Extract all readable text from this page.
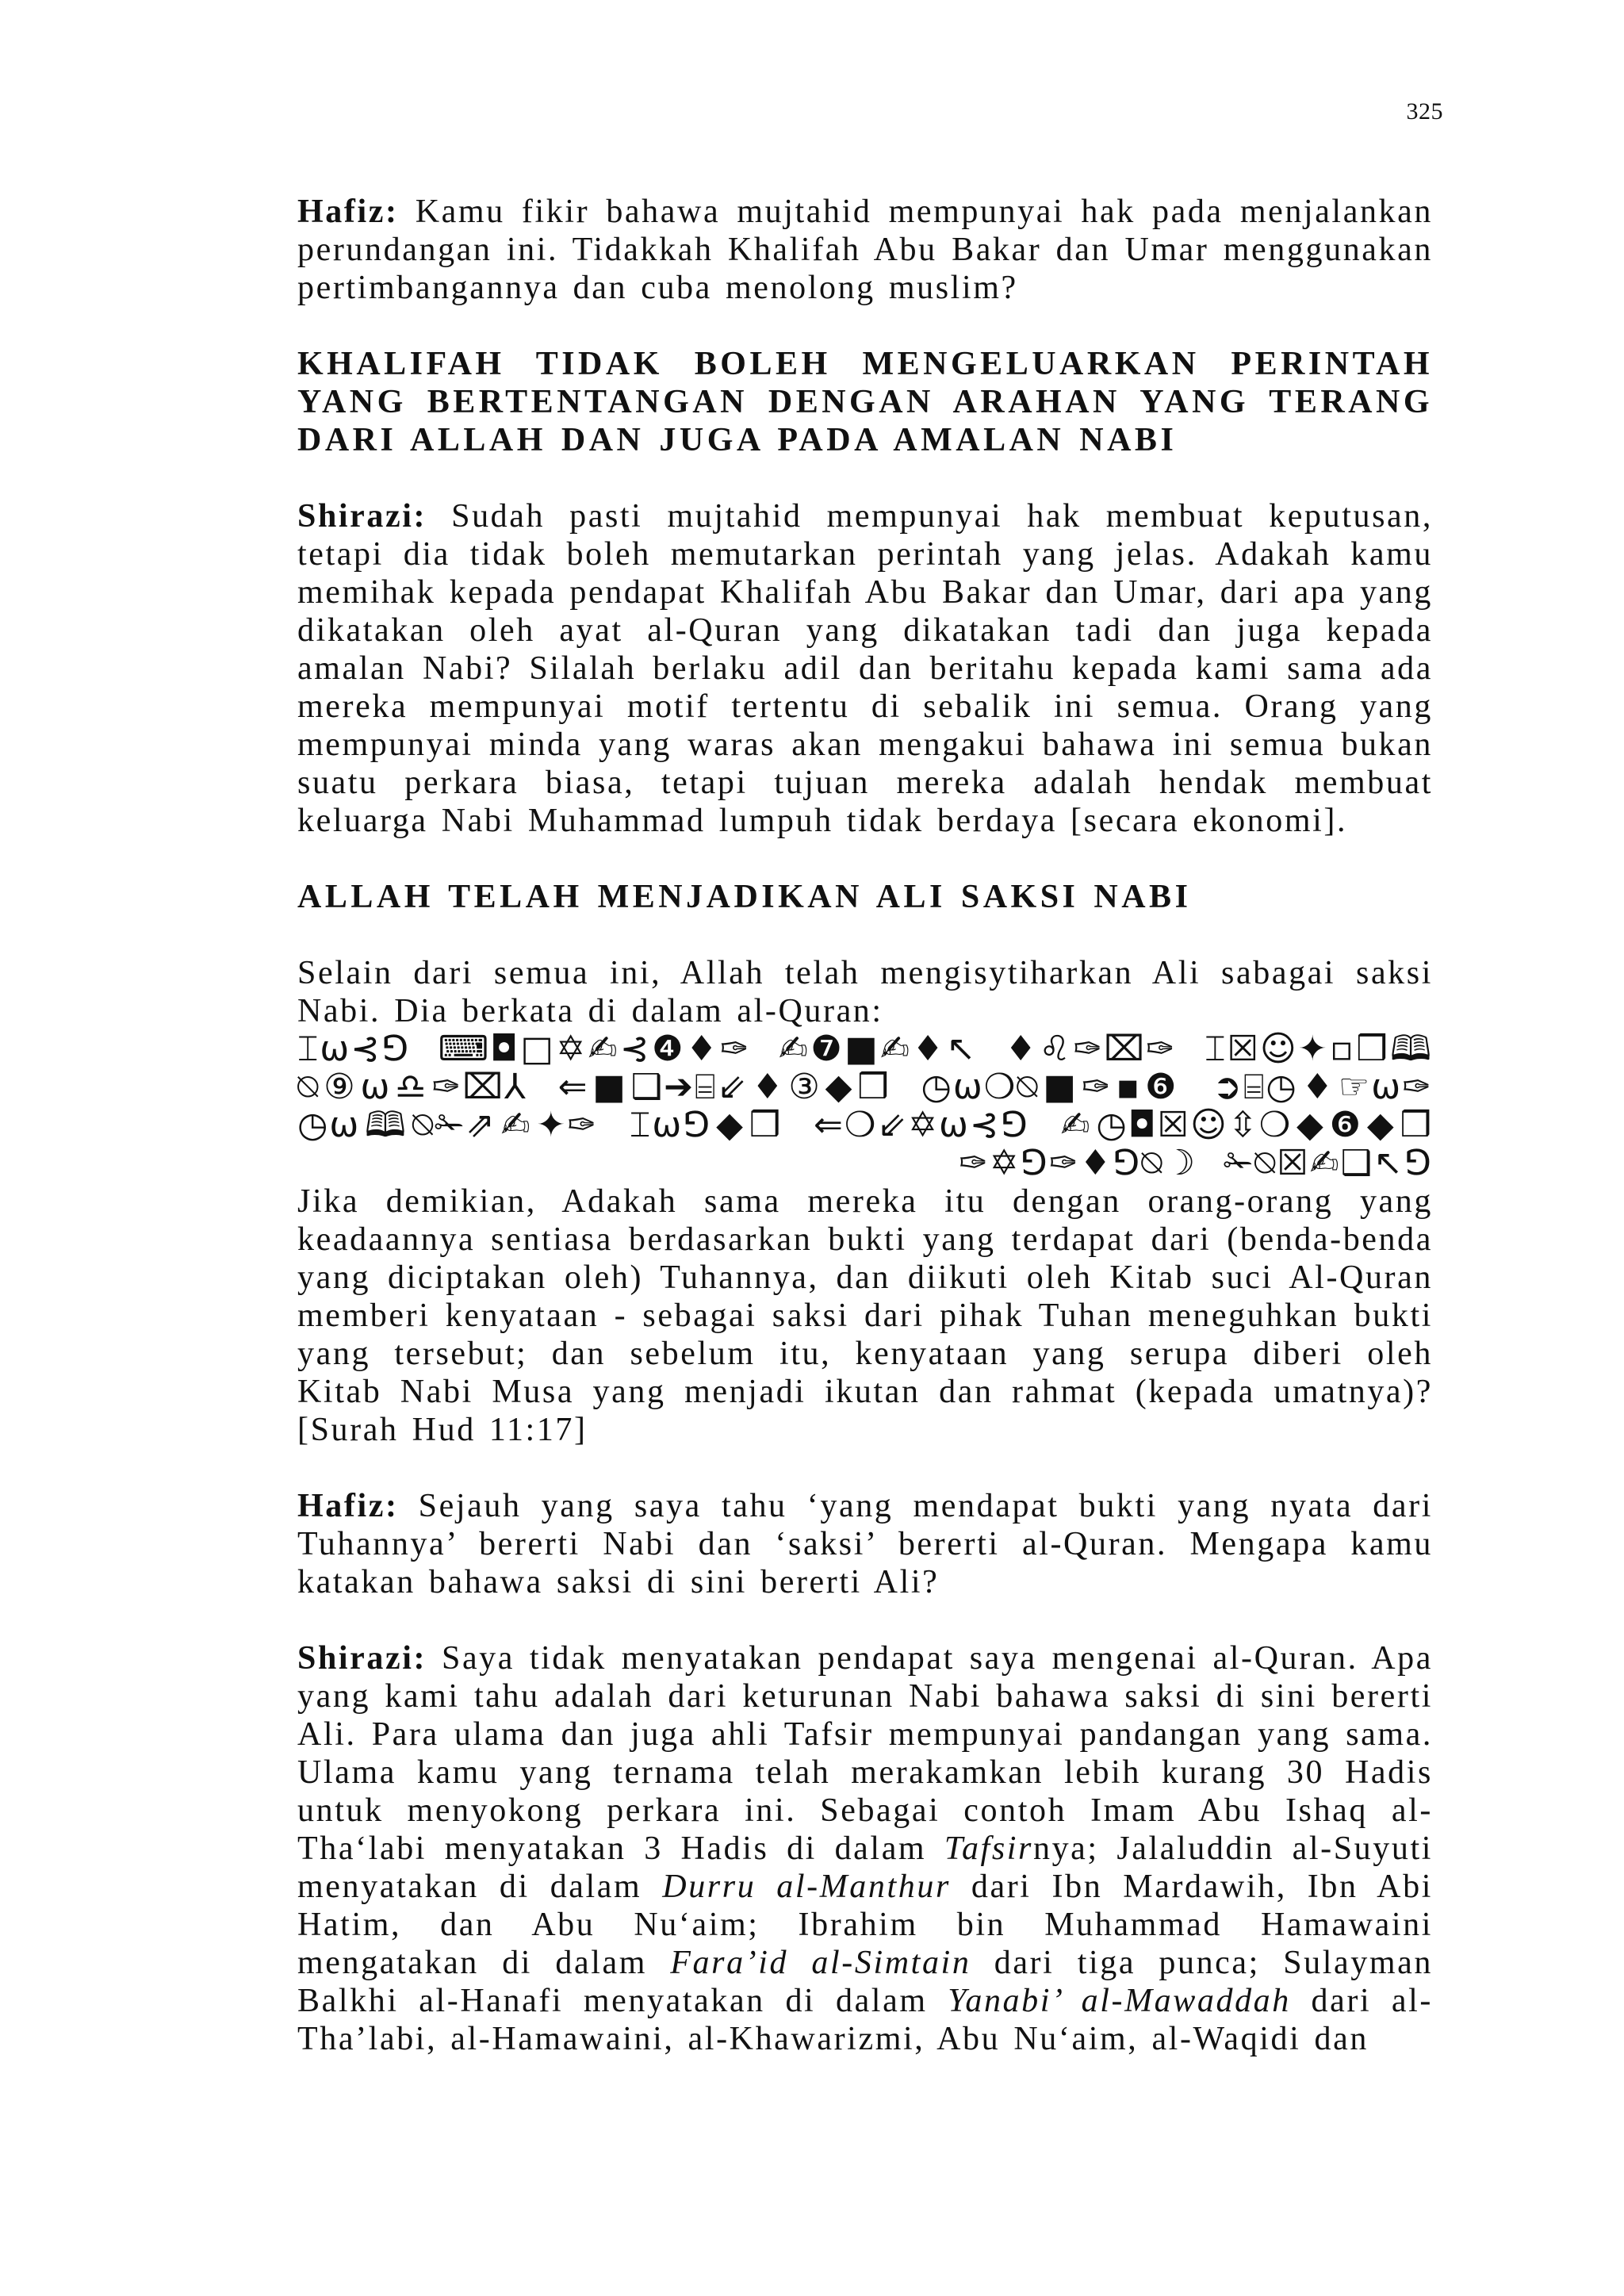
325

Hafiz: Kamu fikir bahawa mujtahid mempunyai hak pada menjalankan perundangan ini. Tidakkah Khalifah Abu Bakar dan Umar menggunakan pertimbangannya dan cuba menolong muslim?

KHALIFAH TIDAK BOLEH MENGELUARKAN PERINTAH YANG BERTENTANGAN DENGAN ARAHAN YANG TERANG DARI ALLAH DAN JUGA PADA AMALAN NABI

Shirazi: Sudah pasti mujtahid mempunyai hak membuat keputusan, tetapi dia tidak boleh memutarkan perintah yang jelas. Adakah kamu memihak kepada pendapat Khalifah Abu Bakar dan Umar, dari apa yang dikatakan oleh ayat al-Quran yang dikatakan tadi dan juga kepada amalan Nabi? Silalah berlaku adil dan beritahu kepada kami sama ada mereka mempunyai motif tertentu di sebalik ini semua. Orang yang mempunyai minda yang waras akan mengakui bahawa ini semua bukan suatu perkara biasa, tetapi tujuan mereka adalah hendak membuat keluarga Nabi Muhammad lumpuh tidak berdaya [secara ekonomi].

ALLAH TELAH MENJADIKAN ALI SAKSI NABI

Selain dari semua ini, Allah telah mengisytiharkan Ali sabagai saksi Nabi. Dia berkata di dalam al-Quran:

⌶⍵⊰⅁ ⌨◘□✡✍⊰❹♦✑ ✍❼■✍♦↖ ♦♌✑⌧✑ ⌶☒☺✦▫❒🕮 ⍉⑨⍵♎✑⌧⅄ ⇐■❑➔⌸⇙♦③◆❒ ◷⍵❍⍉■✑▪❻ ➲⌸◷♦☞⍵✑ ◷⍵🕮⍉✁⇗✍✦✑ ⌶⍵⅁◆❒ ⇐❍⇙✡⍵⊰⅁ ✍◷◘☒☺⇳❍◆❻◆❒ ✑✡⅁✑♦⅁⍉☽ ✁⍉☒✍❑↖⅁

Jika demikian, Adakah sama mereka itu dengan orang-orang yang keadaannya sentiasa berdasarkan bukti yang terdapat dari (benda-benda yang diciptakan oleh) Tuhannya, dan diikuti oleh Kitab suci Al-Quran memberi kenyataan - sebagai saksi dari pihak Tuhan meneguhkan bukti yang tersebut; dan sebelum itu, kenyataan yang serupa diberi oleh Kitab Nabi Musa yang menjadi ikutan dan rahmat (kepada umatnya)? [Surah Hud 11:17]

Hafiz: Sejauh yang saya tahu ‘yang mendapat bukti yang nyata dari Tuhannya’ bererti Nabi dan ‘saksi’ bererti al-Quran. Mengapa kamu katakan bahawa saksi di sini bererti Ali?

Shirazi: Saya tidak menyatakan pendapat saya mengenai al-Quran. Apa yang kami tahu adalah dari keturunan Nabi bahawa saksi di sini bererti Ali. Para ulama dan juga ahli Tafsir mempunyai pandangan yang sama. Ulama kamu yang ternama telah merakamkan lebih kurang 30 Hadis untuk menyokong perkara ini. Sebagai contoh Imam Abu Ishaq al-Tha‘labi menyatakan 3 Hadis di dalam Tafsirnya; Jalaluddin al-Suyuti menyatakan di dalam Durru al-Manthur dari Ibn Mardawih, Ibn Abi Hatim, dan Abu Nu‘aim; Ibrahim bin Muhammad Hamawaini mengatakan di dalam Fara’id al-Simtain dari tiga punca; Sulayman Balkhi al-Hanafi menyatakan di dalam Yanabi’ al-Mawaddah dari al-Tha’labi, al-Hamawaini, al-Khawarizmi, Abu Nu‘aim, al-Waqidi dan
